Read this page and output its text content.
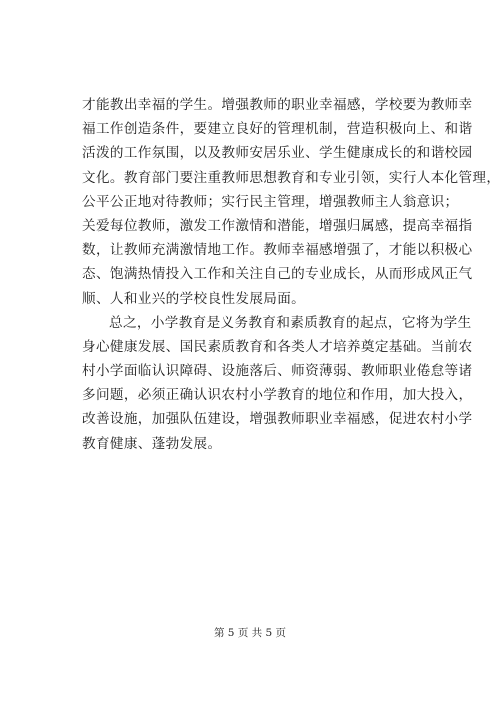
才能教出幸福的学生。增强教师的职业幸福感，学校要为教师幸
福工作创造条件，要建立良好的管理机制，营造积极向上、和谐
活泼的工作氛围，以及教师安居乐业、学生健康成长的和谐校园
文化。教育部门要注重教师思想教育和专业引领，实行人本化管理，
公平公正地对待教师；实行民主管理，增强教师主人翁意识；
关爱每位教师，激发工作激情和潜能，增强归属感，提高幸福指
数，让教师充满激情地工作。教师幸福感增强了，才能以积极心
态、饱满热情投入工作和关注自己的专业成长，从而形成风正气
顺、人和业兴的学校良性发展局面。
总之，小学教育是义务教育和素质教育的起点，它将为学生
身心健康发展、国民素质教育和各类人才培养奠定基础。当前农
村小学面临认识障碍、设施落后、师资薄弱、教师职业倦怠等诸
多问题，必须正确认识农村小学教育的地位和作用，加大投入，
改善设施，加强队伍建设，增强教师职业幸福感，促进农村小学
教育健康、蓬勃发展。
第 5 页 共 5 页
